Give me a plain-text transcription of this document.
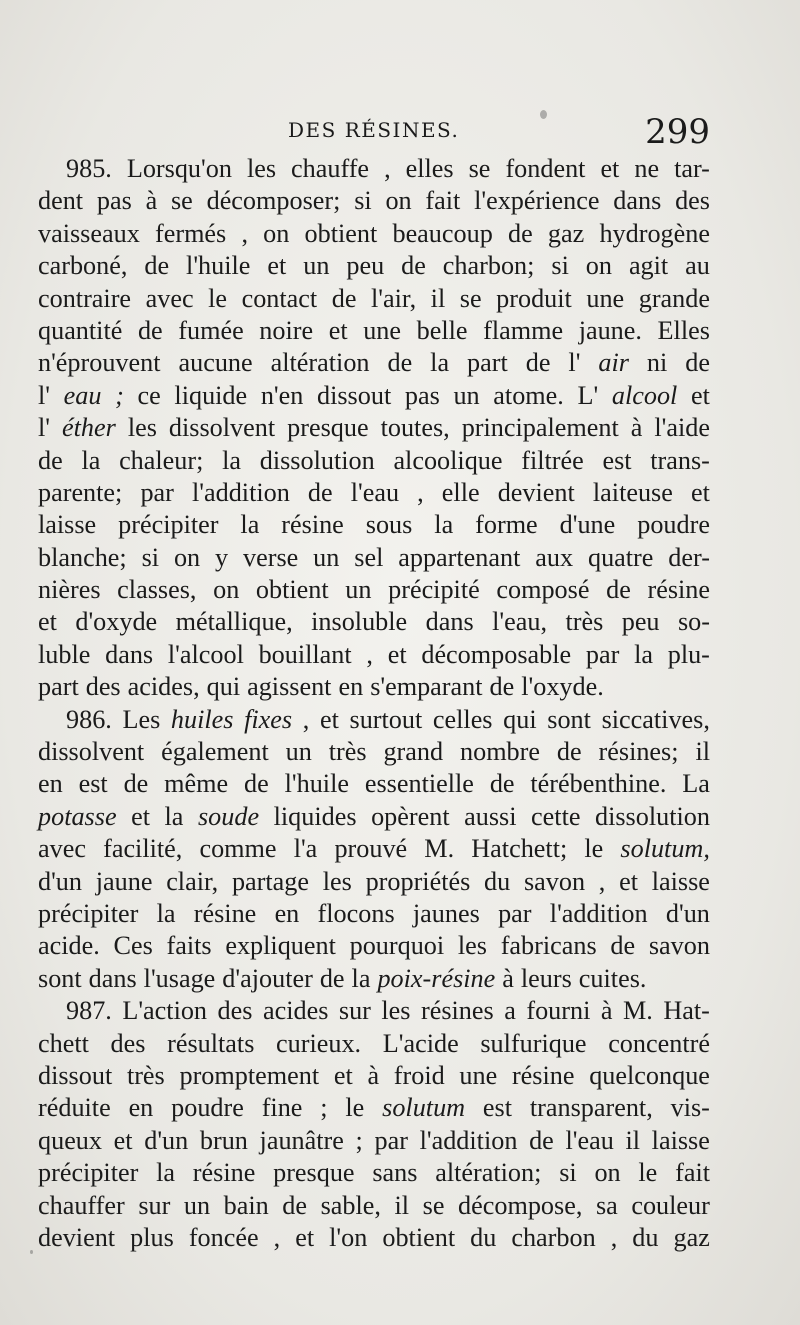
DES RÉSINES.	299
985. Lorsqu'on les chauffe , elles se fondent et ne tar-
dent pas à se décomposer; si on fait l'expérience dans des
vaisseaux fermés , on obtient beaucoup de gaz hydrogène
carboné, de l'huile et un peu de charbon; si on agit au
contraire avec le contact de l'air, il se produit une grande
quantité de fumée noire et une belle flamme jaune. Elles
n'éprouvent aucune altération de la part de l' air ni de
l' eau ; ce liquide n'en dissout pas un atome. L' alcool et
l' éther les dissolvent presque toutes, principalement à l'aide
de la chaleur; la dissolution alcoolique filtrée est trans-
parente; par l'addition de l'eau , elle devient laiteuse et
laisse précipiter la résine sous la forme d'une poudre
blanche; si on y verse un sel appartenant aux quatre der-
nières classes, on obtient un précipité composé de résine
et d'oxyde métallique, insoluble dans l'eau, très peu so-
luble dans l'alcool bouillant , et décomposable par la plu-
part des acides, qui agissent en s'emparant de l'oxyde.
986. Les huiles fixes , et surtout celles qui sont siccatives,
dissolvent également un très grand nombre de résines; il
en est de même de l'huile essentielle de térébenthine. La
potasse et la soude liquides opèrent aussi cette dissolution
avec facilité, comme l'a prouvé M. Hatchett; le solutum,
d'un jaune clair, partage les propriétés du savon , et laisse
précipiter la résine en flocons jaunes par l'addition d'un
acide. Ces faits expliquent pourquoi les fabricans de savon
sont dans l'usage d'ajouter de la poix-résine à leurs cuites.
987. L'action des acides sur les résines a fourni à M. Hat-
chett des résultats curieux. L'acide sulfurique concentré
dissout très promptement et à froid une résine quelconque
réduite en poudre fine ; le solutum est transparent, vis-
queux et d'un brun jaunâtre ; par l'addition de l'eau il laisse
précipiter la résine presque sans altération; si on le fait
chauffer sur un bain de sable, il se décompose, sa couleur
devient plus foncée , et l'on obtient du charbon , du gaz
